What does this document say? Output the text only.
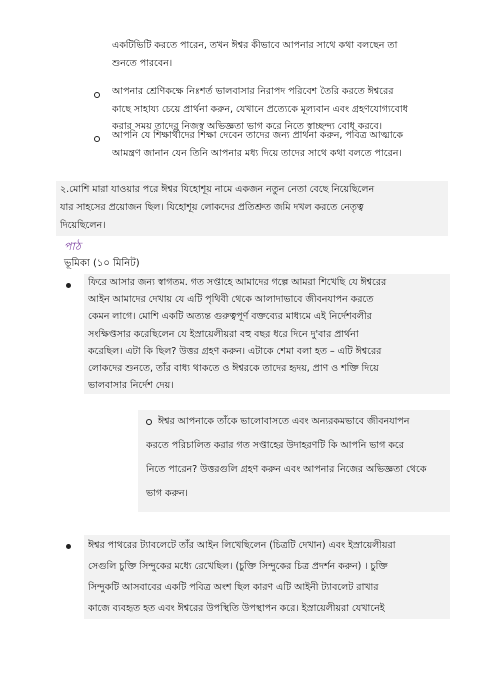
একটিভিটি করতে পারেন, তখন ঈশ্বর কীভাবে আপনার সাথে কথা বলছেন তা
শুনতে পারবেন।
আপনার শ্রেণিকক্ষে নিঃশর্ত ভালবাসার নিরাপদ পরিবেশ তৈরি করতে ঈশ্বরের
কাছে সাহায্য চেয়ে প্রার্থনা করুন, যেখানে প্রত্যেকে মূল্যবান এবং গ্রহণযোগ্যবোধ
করার সময় তাদের নিজস্ব অভিজ্ঞতা ভাগ করে নিতে স্বাচ্ছন্দ্য বোধ করবে।
আপনি যে শিক্ষার্থীদের শিক্ষা দেবেন তাদের জন্য প্রার্থনা করুন, পবিত্র আত্মাকে
আমন্ত্রণ জানান যেন তিনি আপনার মধ্য দিয়ে তাদের সাথে কথা বলতে পারেন।
২.মোশি মারা যাওয়ার পরে ঈশ্বর যিহোশূয় নামে একজন নতুন নেতা বেছে নিয়েছিলেন
যার সাহসের প্রয়োজন ছিল। যিহোশূয় লোকদের প্রতিশ্রুত জমি দখল করতে নেতৃত্ব
দিয়েছিলেন।
পাঠ
ভূমিকা (১০ মিনিট)
ফিরে আসার জন্য স্বাগতম. গত সপ্তাহে আমাদের গল্পে আমরা শিখেছি যে ঈশ্বরের
আইন আমাদের দেখায় যে এটি পৃথিবী থেকে আলাদাভাবে জীবনযাপন করতে
কেমন লাগে। মোশি একটি অত্যন্ত গুরুত্বপূর্ণ বক্তব্যের মাধ্যমে এই নির্দেশবলীর
সংক্ষিপ্তসার করেছিলেন যে ইস্রায়েলীয়রা বহু বছর ধরে দিনে দু'বার প্রার্থনা
করেছিল। এটা কি ছিল? উত্তর গ্রহণ করুন। এটাকে শেমা বলা হত – এটি ঈশ্বরের
লোকদের শুনতে, তাঁর বাধ্য থাকতে ও ঈশ্বরকে তাদের হৃদয়, প্রাণ ও শক্তি দিয়ে
ভালবাসার নির্দেশ দেয়।
ঈশ্বর আপনাকে তাঁকে ভালোবাসতে এবং অন্যরকমভাবে জীবনযাপন
করতে পরিচালিত করার গত সপ্তাহের উদাহরণটি কি আপনি ভাগ করে
নিতে পারেন? উত্তরগুলি গ্রহণ করুন এবং আপনার নিজের অভিজ্ঞতা থেকে
ভাগ করুন।
ঈশ্বর পাথরের ট্যাবলেটে তাঁর আইন লিখেছিলেন (চিত্রটি দেখান) এবং ইস্রায়েলীয়রা
সেগুলি চুক্তি সিন্দুকের মধ্যে রেখেছিল। (চুক্তি সিন্দুকের চিত্র প্রদর্শন করুন) । চুক্তি
সিন্দুকটি আসবাবের একটি পবিত্র অংশ ছিল কারণ এটি আইনী ট্যাবলেট রাখার
কাজে ব্যবহৃত হত এবং ঈশ্বরের উপস্থিতি উপস্থাপন করে। ইস্রায়েলীয়রা যেখানেই
